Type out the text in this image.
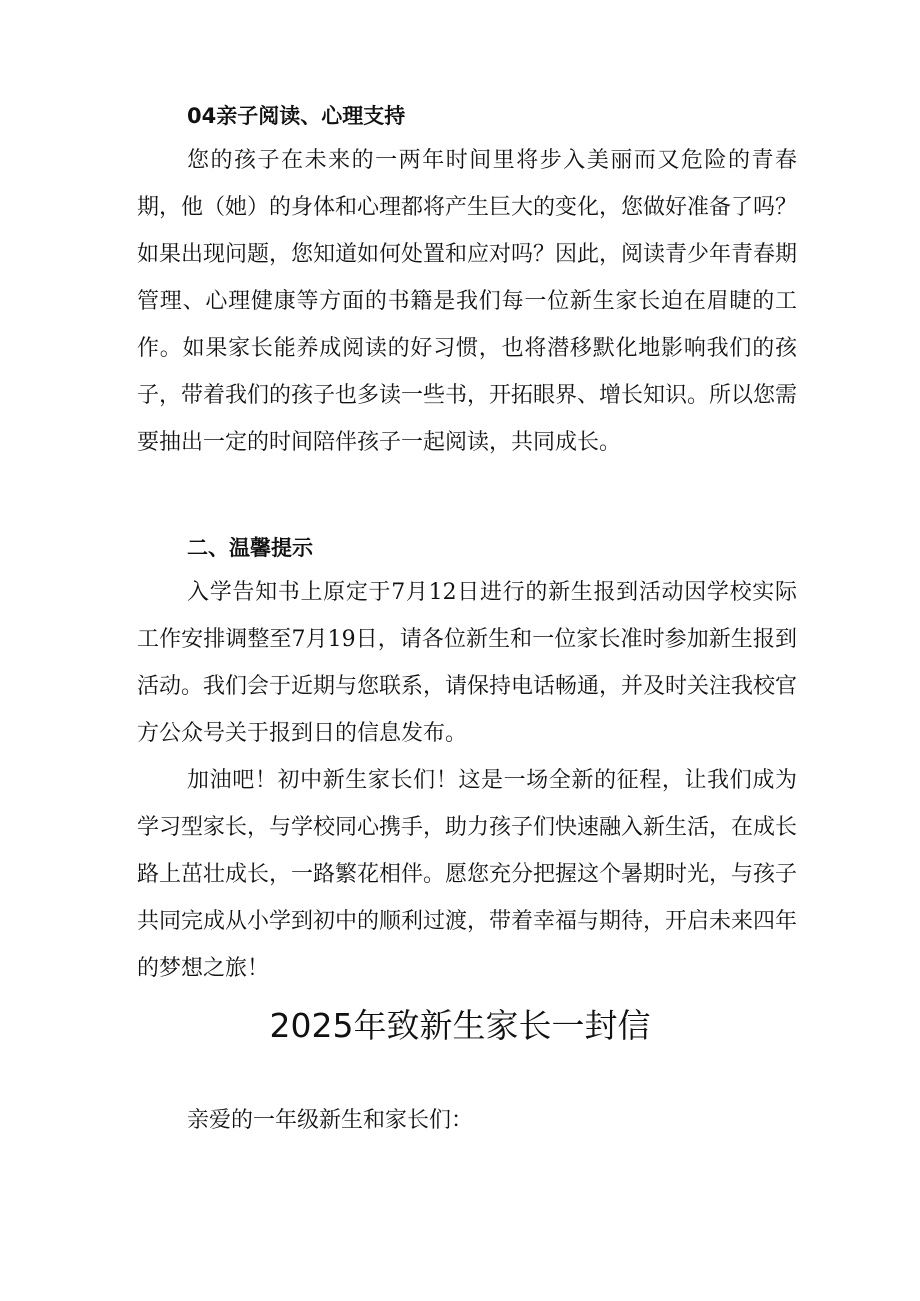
04亲子阅读、心理支持

您的孩子在未来的一两年时间里将步入美丽而又危险的青春期，他（她）的身体和心理都将产生巨大的变化，您做好准备了吗？如果出现问题，您知道如何处置和应对吗？因此，阅读青少年青春期管理、心理健康等方面的书籍是我们每一位新生家长迫在眉睫的工作。如果家长能养成阅读的好习惯，也将潜移默化地影响我们的孩子，带着我们的孩子也多读一些书，开拓眼界、增长知识。所以您需要抽出一定的时间陪伴孩子一起阅读，共同成长。

二、温馨提示

入学告知书上原定于7月12日进行的新生报到活动因学校实际工作安排调整至7月19日，请各位新生和一位家长准时参加新生报到活动。我们会于近期与您联系，请保持电话畅通，并及时关注我校官方公众号关于报到日的信息发布。

加油吧！初中新生家长们！这是一场全新的征程，让我们成为学习型家长，与学校同心携手，助力孩子们快速融入新生活，在成长路上茁壮成长，一路繁花相伴。愿您充分把握这个暑期时光，与孩子共同完成从小学到初中的顺利过渡，带着幸福与期待，开启未来四年的梦想之旅！

2025年致新生家长一封信

亲爱的一年级新生和家长们：
